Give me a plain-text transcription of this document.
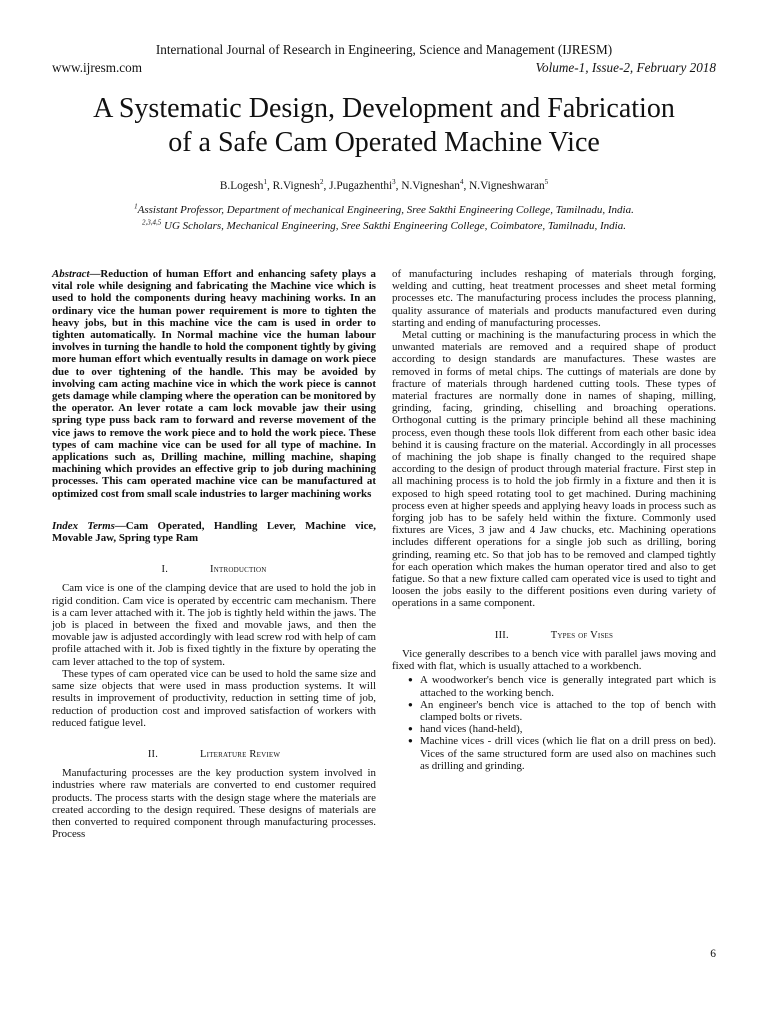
International Journal of Research in Engineering, Science and Management (IJRESM)
www.ijresm.com	Volume-1, Issue-2, February 2018
A Systematic Design, Development and Fabrication
of a Safe Cam Operated Machine Vice
B.Logesh$^1$, R.Vignesh$^2$, J.Pugazhenthi$^3$, N.Vigneshan$^4$, N.Vigneshwaran$^5$
$^1$Assistant Professor, Department of mechanical Engineering, Sree Sakthi Engineering College, Tamilnadu, India.
$^{2,3,4,5}$ UG Scholars, Mechanical Engineering, Sree Sakthi Engineering College, Coimbatore, Tamilnadu, India.
Abstract—Reduction of human Effort and enhancing safety plays a vital role while designing and fabricating the Machine vice which is used to hold the components during heavy machining works. In an ordinary vice the human power requirement is more to tighten the heavy jobs, but in this machine vice the cam is used in order to tighten automatically. In Normal machine vice the human labour involves in turning the handle to hold the component tightly by giving more human effort which eventually results in damage on work piece due to over tightening of the handle. This may be avoided by involving cam acting machine vice in which the work piece is cannot gets damage while clamping where the operation can be monitored by the operator. An lever rotate a cam lock movable jaw their using spring type puss back ram to forward and reverse movement of the vice jaws to remove the work piece and to hold the work piece. These types of cam machine vice can be used for all type of machine. In applications such as, Drilling machine, milling machine, shaping machining which provides an effective grip to job during machining processes. This cam operated machine vice can be manufactured at optimized cost from small scale industries to larger machining works
Index Terms—Cam Operated, Handling Lever, Machine vice, Movable Jaw, Spring type Ram
I.	Introduction

Cam vice is one of the clamping device that are used to hold the job in rigid condition. Cam vice is operated by eccentric cam mechanism. There is a cam lever attached with it. The job is tightly held within the jaws. The job is placed in between the fixed and movable jaws, and then the movable jaw is adjusted accordingly with lead screw rod with help of cam profile attached with it. Job is fixed tightly in the fixture by operating the cam lever attached to the top of system.

These types of cam operated vice can be used to hold the same size and same size objects that were used in mass production systems. It will results in improvement of productivity, reduction in setting time of job, reduction of production cost and improved satisfaction of workers with reduced fatigue level.

II.	Literature Review

Manufacturing processes are the key production system involved in industries where raw materials are converted to end customer required products. The process starts with the design stage where the materials are created according to the design required. These designs of materials are then converted to required component through manufacturing processes. Process

of manufacturing includes reshaping of materials through forging, welding and cutting, heat treatment processes and sheet metal forming processes etc. The manufacturing process includes the process planning, quality assurance of materials and products manufactured even during starting and ending of manufacturing processes.

Metal cutting or machining is the manufacturing process in which the unwanted materials are removed and a required shape of product according to design standards are manufactures. These wastes are removed in forms of metal chips. The cuttings of materials are done by fracture of materials through hardened cutting tools. These types of material fractures are normally done in names of shaping, milling, grinding, facing, grinding, chiselling and broaching operations. Orthogonal cutting is the primary principle behind all these machining process, even though these tools llok different from each other basic idea behind it is causing fracture on the material. Accordingly in all processes of machining the job shape is finally changed to the required shape according to the design of product through material fracture. First step in all machining process is to hold the job firmly in a fixture and then it is exposed to high speed rotating tool to get machined. During machining process even at higher speeds and applying heavy loads in process such as forging job has to be safely held within the fixture. Commonly used fixtures are Vices, 3 jaw and 4 Jaw chucks, etc. Machining operations includes different operations for a single job such as drilling, boring grinding, reaming etc. So that job has to be removed and clamped tightly for each operation which makes the human operator tired and also to get fatigue. So that a new fixture called cam operated vice is used to tight and loosen the jobs easily to the different positions even during variety of operations in a same component.

III.	Types of Vises

Vice generally describes to a bench vice with parallel jaws moving and fixed with flat, which is usually attached to a workbench.

● A woodworker's bench vice is generally integrated part which is attached to the working bench.
● An engineer's bench vice is attached to the top of bench with clamped bolts or rivets.
● hand vices (hand-held),
● Machine vices - drill vices (which lie flat on a drill press on bed). Vices of the same structured form are used also on machines such as drilling and grinding.
6
